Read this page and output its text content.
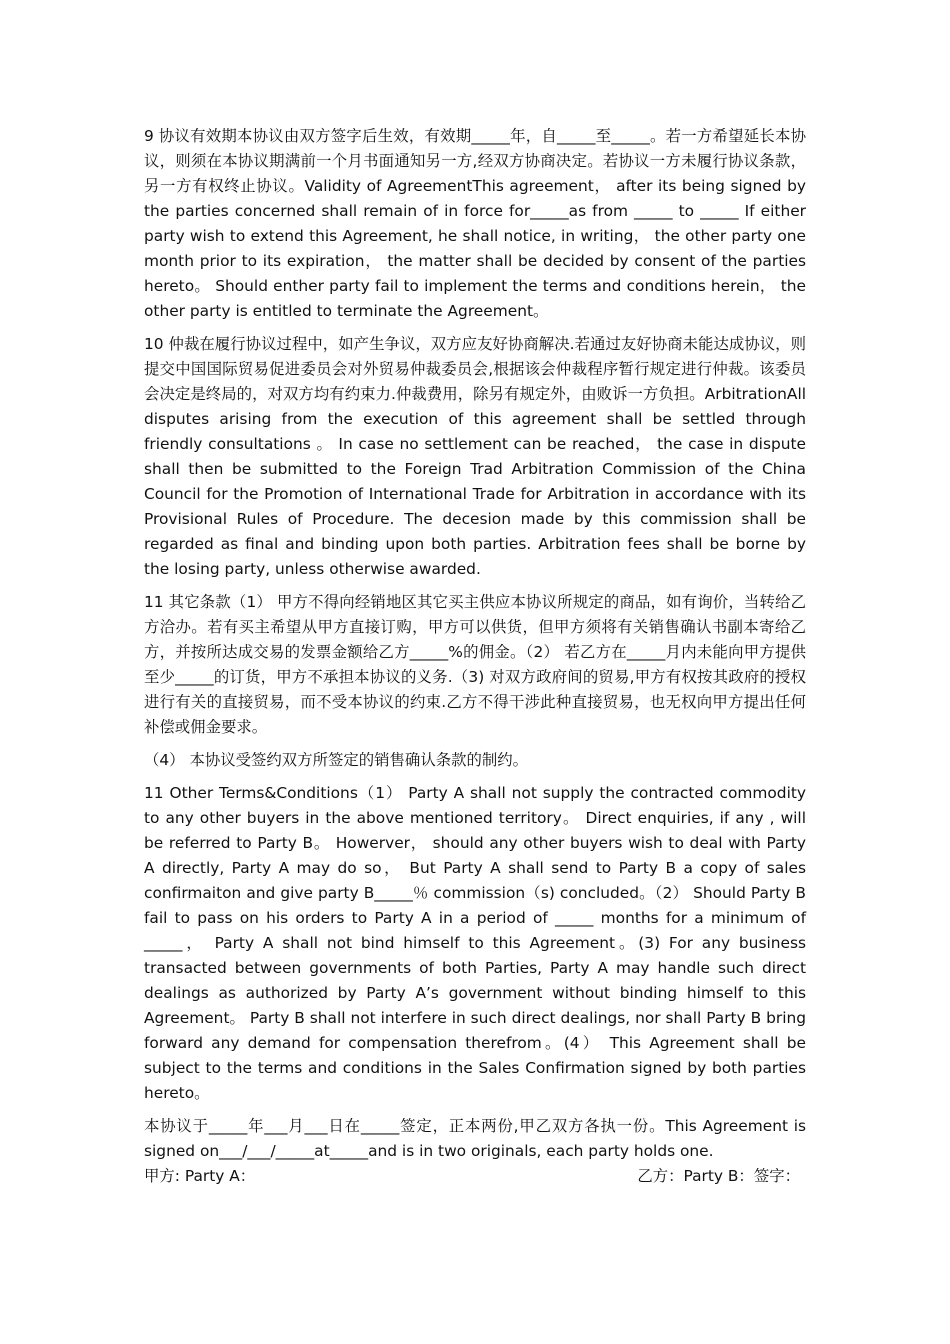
9 协议有效期本协议由双方签字后生效，有效期_____年，自_____至_____。若一方希望延长本协议，则须在本协议期满前一个月书面通知另一方,经双方协商决定。若协议一方未履行协议条款，另一方有权终止协议。Validity of AgreementThis agreement， after its being signed by the parties concerned shall remain of in force for_____as from _____ to _____ If either party wish to extend this Agreement, he shall notice, in writing， the other party one month prior to its expiration， the matter shall be decided by consent of the parties hereto。 Should enther party fail to implement the terms and conditions herein， the other party is entitled to terminate the Agreement。

10 仲裁在履行协议过程中，如产生争议，双方应友好协商解决.若通过友好协商未能达成协议，则提交中国国际贸易促进委员会对外贸易仲裁委员会,根据该会仲裁程序暂行规定进行仲裁。该委员会决定是终局的，对双方均有约束力.仲裁费用，除另有规定外，由败诉一方负担。ArbitrationAll disputes arising from the execution of this agreement shall be settled through friendly consultations 。 In case no settlement can be reached， the case in dispute shall then be submitted to the Foreign Trad Arbitration Commission of the China Council for the Promotion of International Trade for Arbitration in accordance with its Provisional Rules of Procedure. The decesion made by this commission shall be regarded as final and binding upon both parties. Arbitration fees shall be borne by the losing party, unless otherwise awarded.

11 其它条款（1） 甲方不得向经销地区其它买主供应本协议所规定的商品，如有询价，当转给乙方洽办。若有买主希望从甲方直接订购，甲方可以供货，但甲方须将有关销售确认书副本寄给乙方，并按所达成交易的发票金额给乙方_____%的佣金。（2） 若乙方在_____月内未能向甲方提供至少_____的订货，甲方不承担本协议的义务.（3) 对双方政府间的贸易,甲方有权按其政府的授权进行有关的直接贸易，而不受本协议的约束.乙方不得干涉此种直接贸易，也无权向甲方提出任何补偿或佣金要求。

（4） 本协议受签约双方所签定的销售确认条款的制约。

11 Other Terms&Conditions（1） Party A shall not supply the contracted commodity to any other buyers in the above mentioned territory。 Direct enquiries, if any , will be referred to Party B。 Howerver， should any other buyers wish to deal with Party A directly, Party A may do so， But Party A shall send to Party B a copy of sales confirmaiton and give party B_____％ commission（s) concluded。（2） Should Party B fail to pass on his orders to Party A in a period of _____ months for a minimum of _____， Party A shall not bind himself to this Agreement。(3) For any business transacted between governments of both Parties, Party A may handle such direct dealings as authorized by Party A’s government without binding himself to this Agreement。 Party B shall not interfere in such direct dealings, nor shall Party B bring forward any demand for compensation therefrom。(4） This Agreement shall be subject to the terms and conditions in the Sales Confirmation signed by both parties hereto。

本协议于_____年___月___日在_____签定，正本两份,甲乙双方各执一份。This Agreement is signed on___/___/_____at_____and is in two originals, each party holds one.

甲方: Party A：	乙方：Party B：签字：
